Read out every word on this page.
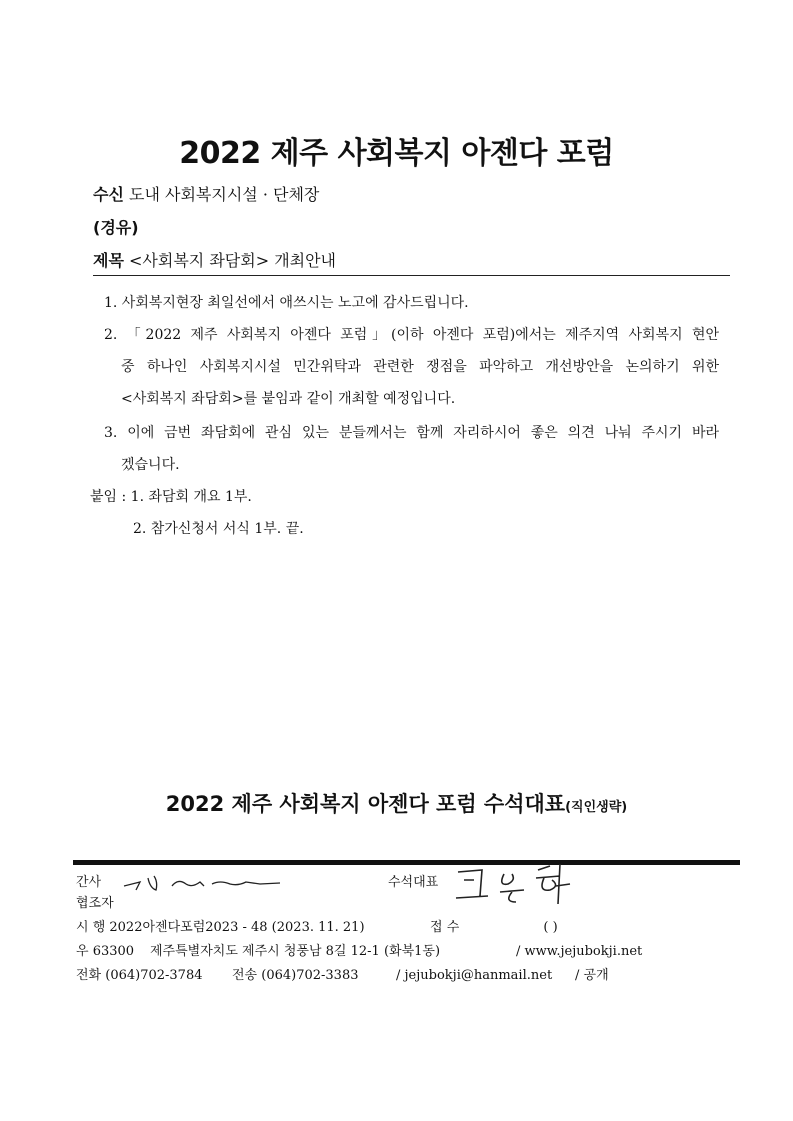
2022 제주 사회복지 아젠다 포럼
수신 도내 사회복지시설 · 단체장
(경유)
제목 <사회복지 좌담회> 개최안내
1. 사회복지현장 최일선에서 애쓰시는 노고에 감사드립니다.
2. 「2022 제주 사회복지 아젠다 포럼」(이하 아젠다 포럼)에서는 제주지역 사회복지 현안
중 하나인 사회복지시설 민간위탁과 관련한 쟁점을 파악하고 개선방안을 논의하기 위한
<사회복지 좌담회>를 붙임과 같이 개최할 예정입니다.
3. 이에 금번 좌담회에 관심 있는 분들께서는 함께 자리하시어 좋은 의견 나눠 주시기 바라
겠습니다.
붙임 : 1. 좌담회 개요 1부.
2. 참가신청서 서식 1부. 끝.
2022 제주 사회복지 아젠다 포럼 수석대표(직인생략)
간사	수석대표
협조자
시 행 2022아젠다포럼2023 - 48 (2023. 11. 21)	접 수	( )
우 63300 제주특별자치도 제주시 청풍남 8길 12-1 (화북1동)	/ www.jejubokji.net
전화 (064)702-3784 전송 (064)702-3383	/ jejubokji@hanmail.net / 공개
